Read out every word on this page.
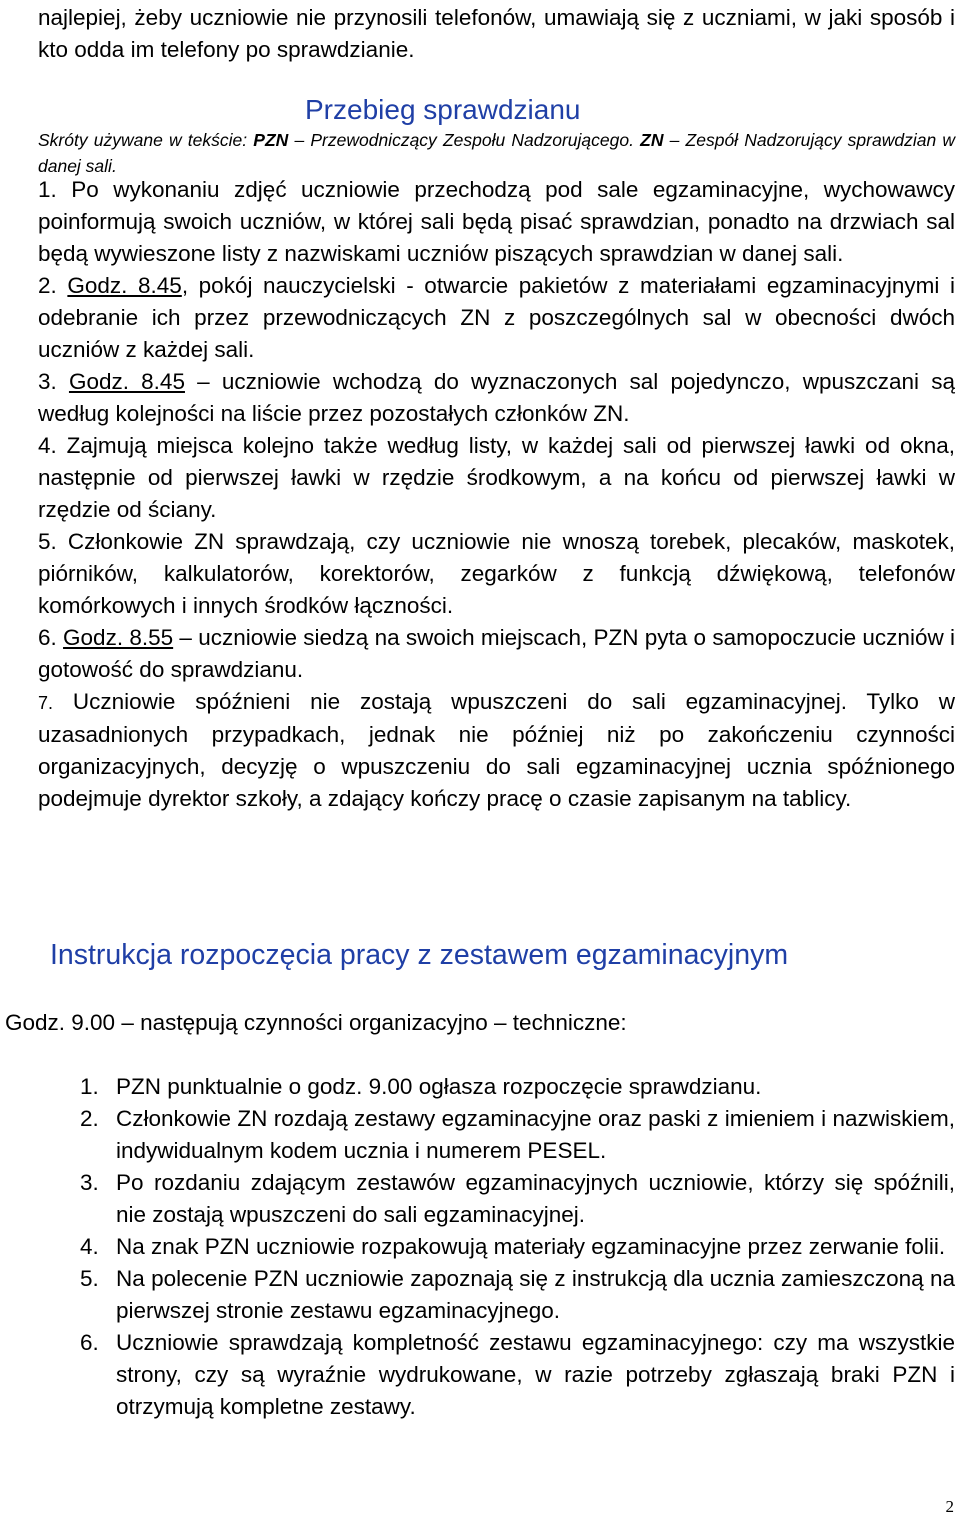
najlepiej, żeby uczniowie nie przynosili telefonów, umawiają się z uczniami, w jaki sposób i kto odda im telefony po sprawdzianie.
Przebieg sprawdzianu
Skróty używane w tekście: PZN – Przewodniczący Zespołu Nadzorującego. ZN – Zespół Nadzorujący sprawdzian w danej sali.
1. Po wykonaniu zdjęć uczniowie przechodzą pod sale egzaminacyjne, wychowawcy poinformują swoich uczniów, w której sali będą pisać sprawdzian, ponadto na drzwiach sal będą wywieszone listy z nazwiskami uczniów piszących sprawdzian w danej sali.
2. Godz. 8.45, pokój nauczycielski - otwarcie pakietów z materiałami egzaminacyjnymi i odebranie ich przez przewodniczących ZN z poszczególnych sal w obecności dwóch uczniów z każdej sali.
3. Godz. 8.45 – uczniowie wchodzą do wyznaczonych sal pojedynczo, wpuszczani są według kolejności na liście przez pozostałych członków ZN.
4. Zajmują miejsca kolejno także według listy, w każdej sali od pierwszej ławki od okna, następnie od pierwszej ławki w rzędzie środkowym, a na końcu od pierwszej ławki w rzędzie od ściany.
5. Członkowie ZN sprawdzają, czy uczniowie nie wnoszą torebek, plecaków, maskotek, piórników, kalkulatorów, korektorów, zegarków z funkcją dźwiękową, telefonów komórkowych i innych środków łączności.
6. Godz. 8.55 – uczniowie siedzą na swoich miejscach, PZN pyta o samopoczucie uczniów i gotowość do sprawdzianu.
7. Uczniowie spóźnieni nie zostają wpuszczeni do sali egzaminacyjnej. Tylko w uzasadnionych przypadkach, jednak nie później niż po zakończeniu czynności organizacyjnych, decyzję o wpuszczeniu do sali egzaminacyjnej ucznia spóźnionego podejmuje dyrektor szkoły, a zdający kończy pracę o czasie zapisanym na tablicy.
Instrukcja rozpoczęcia pracy z zestawem egzaminacyjnym
Godz. 9.00 – następują czynności organizacyjno – techniczne:
1. PZN punktualnie o godz. 9.00 ogłasza rozpoczęcie sprawdzianu.
2. Członkowie ZN rozdają zestawy egzaminacyjne oraz paski z imieniem i nazwiskiem, indywidualnym kodem ucznia i numerem PESEL.
3. Po rozdaniu zdającym zestawów egzaminacyjnych uczniowie, którzy się spóźnili, nie zostają wpuszczeni do sali egzaminacyjnej.
4. Na znak PZN uczniowie rozpakowują materiały egzaminacyjne przez zerwanie folii.
5. Na polecenie PZN uczniowie zapoznają się z instrukcją dla ucznia zamieszczoną na pierwszej stronie zestawu egzaminacyjnego.
6. Uczniowie sprawdzają kompletność zestawu egzaminacyjnego: czy ma wszystkie strony, czy są wyraźnie wydrukowane, w razie potrzeby zgłaszają braki PZN i otrzymują kompletne zestawy.
2
